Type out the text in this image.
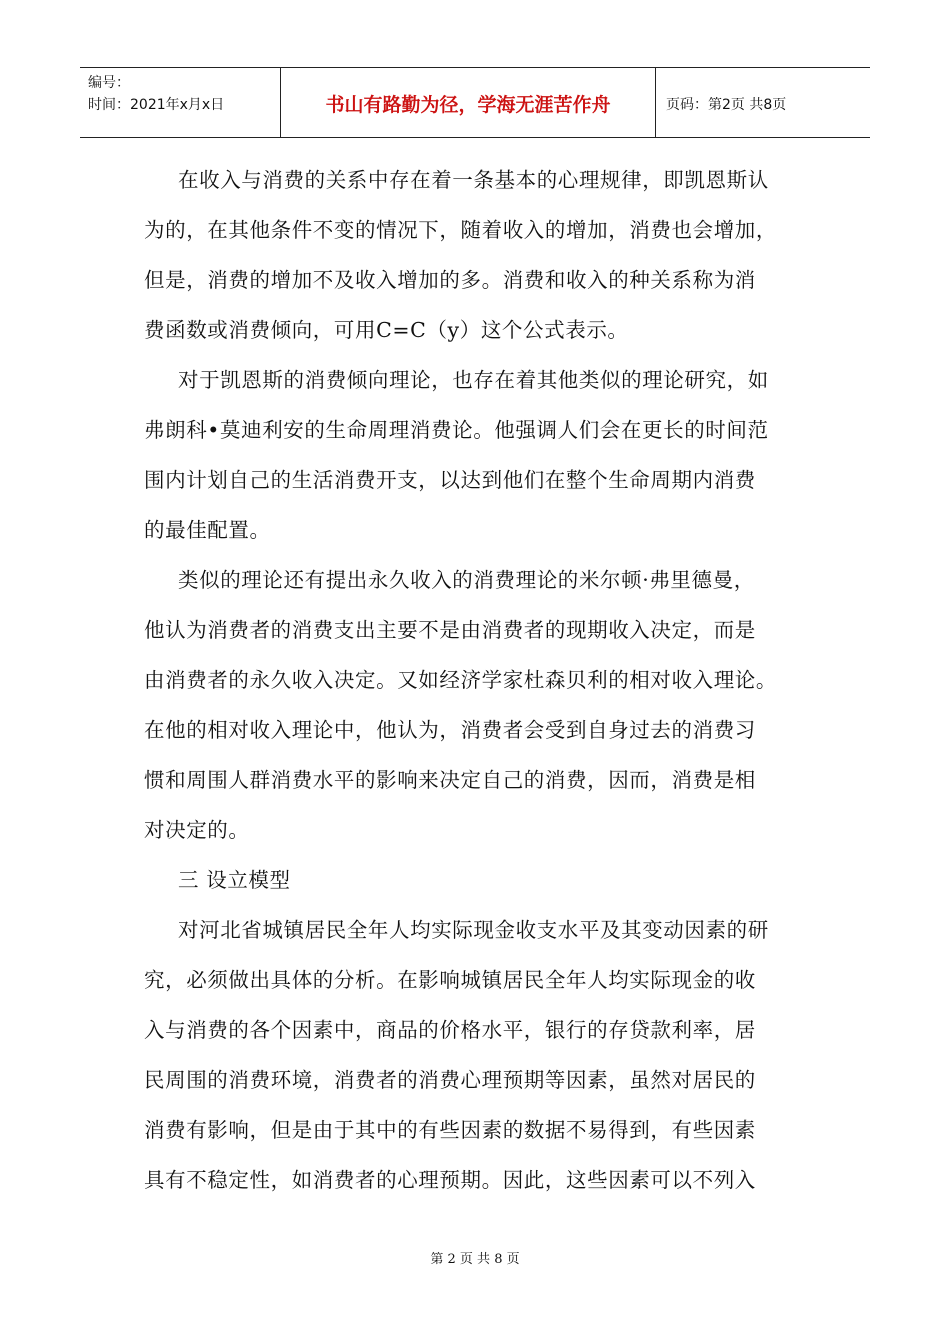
编号：
时间：2021年x月x日	书山有路勤为径，学海无涯苦作舟	页码：第2页 共8页
在收入与消费的关系中存在着一条基本的心理规律，即凯恩斯认
为的，在其他条件不变的情况下，随着收入的增加，消费也会增加，
但是，消费的增加不及收入增加的多。消费和收入的种关系称为消
费函数或消费倾向，可用C=C（y）这个公式表示。
对于凯恩斯的消费倾向理论，也存在着其他类似的理论研究，如
弗朗科•莫迪利安的生命周理消费论。他强调人们会在更长的时间范
围内计划自己的生活消费开支，以达到他们在整个生命周期内消费
的最佳配置。
类似的理论还有提出永久收入的消费理论的米尔顿·弗里德曼，
他认为消费者的消费支出主要不是由消费者的现期收入决定，而是
由消费者的永久收入决定。又如经济学家杜森贝利的相对收入理论。
在他的相对收入理论中，他认为，消费者会受到自身过去的消费习
惯和周围人群消费水平的影响来决定自己的消费，因而，消费是相
对决定的。
三 设立模型
对河北省城镇居民全年人均实际现金收支水平及其变动因素的研
究，必须做出具体的分析。在影响城镇居民全年人均实际现金的收
入与消费的各个因素中，商品的价格水平，银行的存贷款利率，居
民周围的消费环境，消费者的消费心理预期等因素，虽然对居民的
消费有影响，但是由于其中的有些因素的数据不易得到，有些因素
具有不稳定性，如消费者的心理预期。因此，这些因素可以不列入
第 2 页 共 8 页
